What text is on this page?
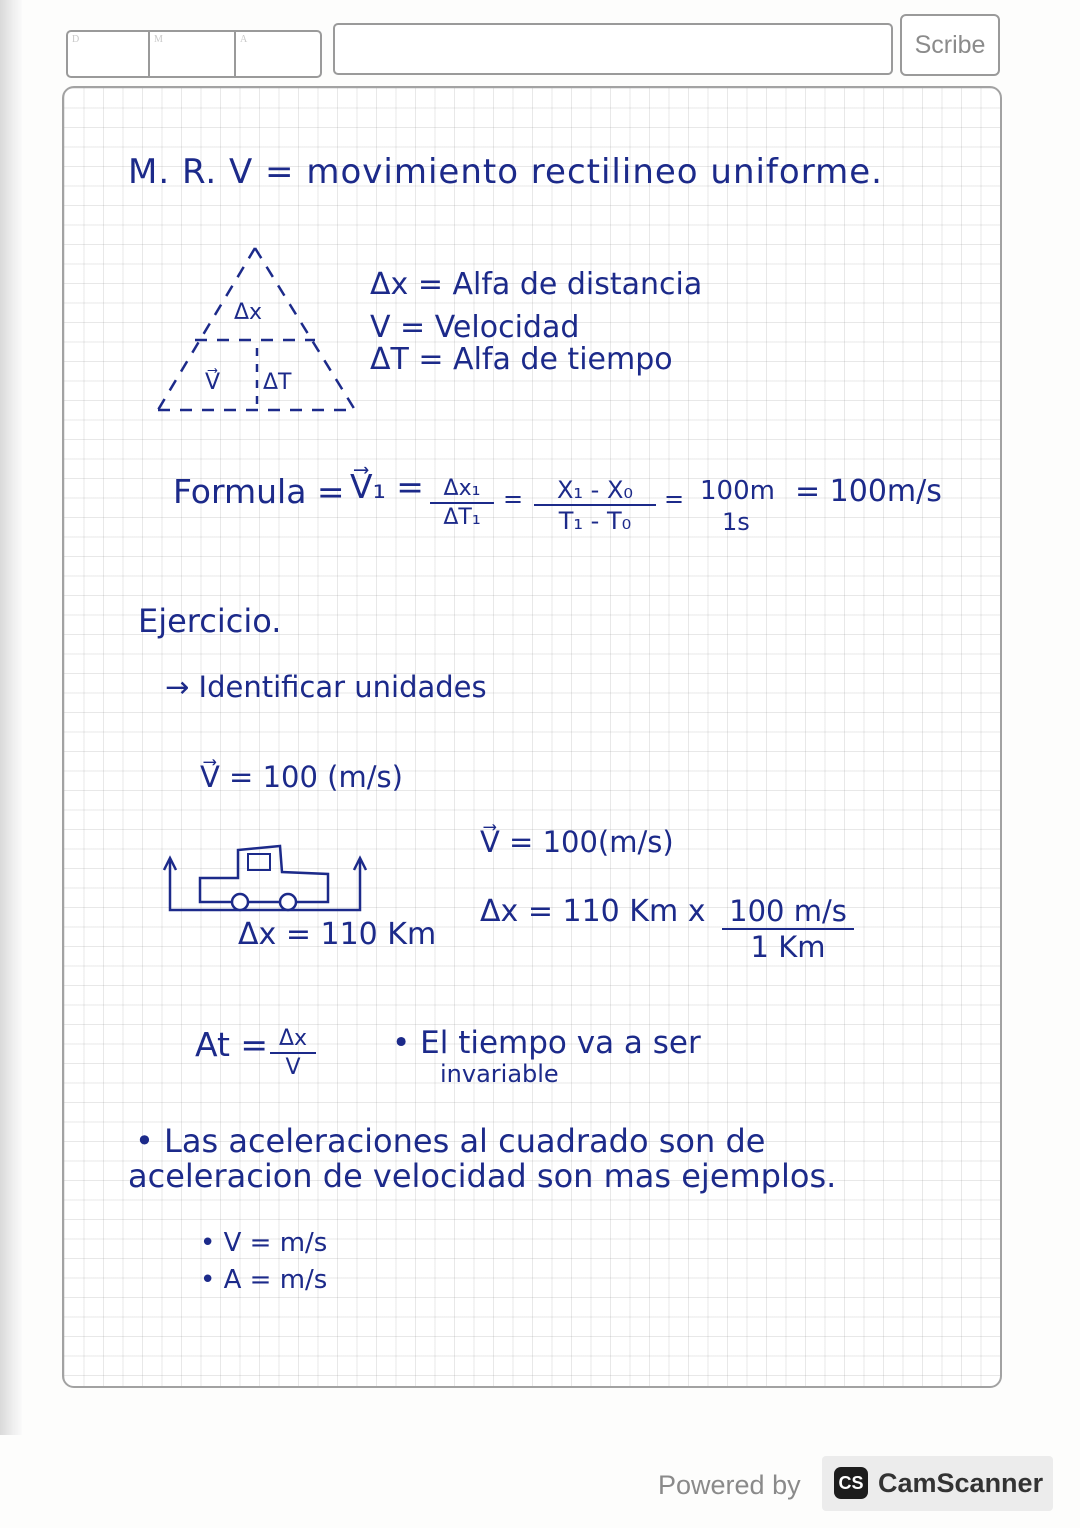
D	M	A	Scribe
M. R. V = movimiento rectilineo uniforme.
Δx
V⃗ ΔT
Δx = Alfa de distancia
V = Velocidad
ΔT = Alfa de tiempo
Formula = V⃗₁ = $\frac{\text{Δx₁}}{\text{ΔT₁}} = \frac{\text{X₁ - X₀}}{\text{T₁ - T₀}} = 100m$
1s
= 100m/s
Ejercicio.
→ Identificar unidades
V⃗ = 100 (m/s)
Δx = 110 Km
V⃗ = 100(m/s)
Δx = 110 Km x $\frac{100 m/s}{1 Km}$
$At = \frac{\Delta x}{V}$ • El tiempo va a ser
invariable
• Las aceleraciones al cuadrado son de
aceleracion de velocidad son mas ejemplos.
• V = m/s
• A = m/s
Powered by CS CamScanner
